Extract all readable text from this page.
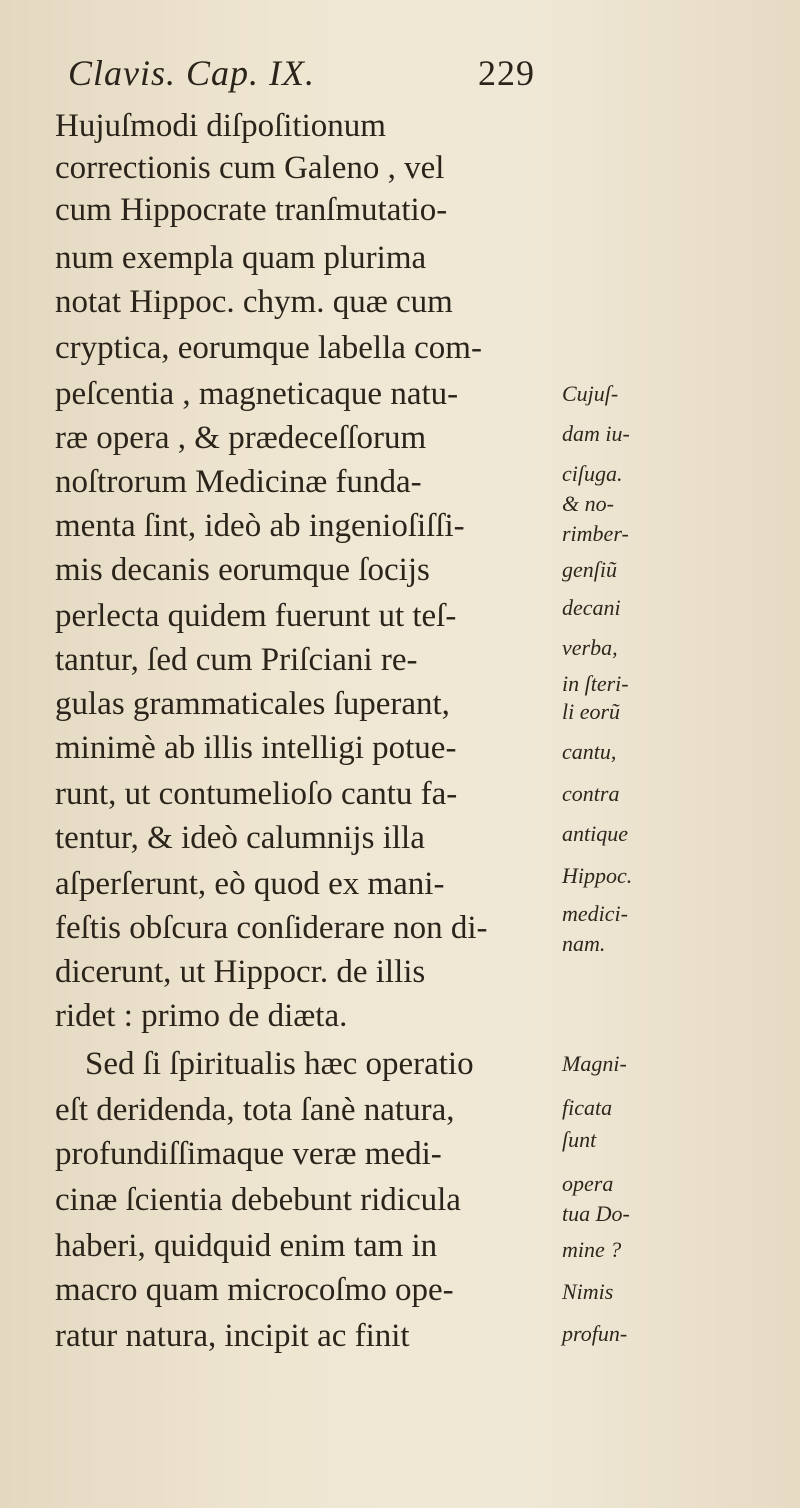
Clavis. Cap. IX.	229
Hujuſmodi diſpoſitionum
correctionis cum Galeno , vel
cum Hippocrate tranſmutatio-
num exempla quam plurima
notat Hippoc. chym. quæ cum
cryptica, eorumque labella com-
peſcentia , magneticaque natu-
ræ opera , & prædeceſſorum
noſtrorum Medicinæ funda-
menta ſint, ideò ab ingenioſiſſi-
mis decanis eorumque ſocijs
perlecta quidem fuerunt ut teſ-
tantur, ſed cum Priſciani re-
gulas grammaticales ſuperant,
minimè ab illis intelligi potue-
runt, ut contumelioſo cantu fa-
tentur, & ideò calumnijs illa
aſperſerunt, eò quod ex mani-
feſtis obſcura conſiderare non di-
dicerunt, ut Hippocr. de illis
ridet : primo de diæta.
Sed ſi ſpiritualis hæc operatio
eſt deridenda, tota ſanè natura,
profundiſſimaque veræ medi-
cinæ ſcientia debebunt ridicula
haberi, quidquid enim tam in
macro quam microcoſmo ope-
ratur natura, incipit ac finit
Cujuſ-
dam iu-
ciſuga.
& no-
rimber-
genſiũ
decani
verba,
in ſteri-
li eorũ
cantu,
contra
antique
Hippoc.
medici-
nam.
Magni-
ficata
ſunt
opera
tua Do-
mine ?
Nimis
profun-
